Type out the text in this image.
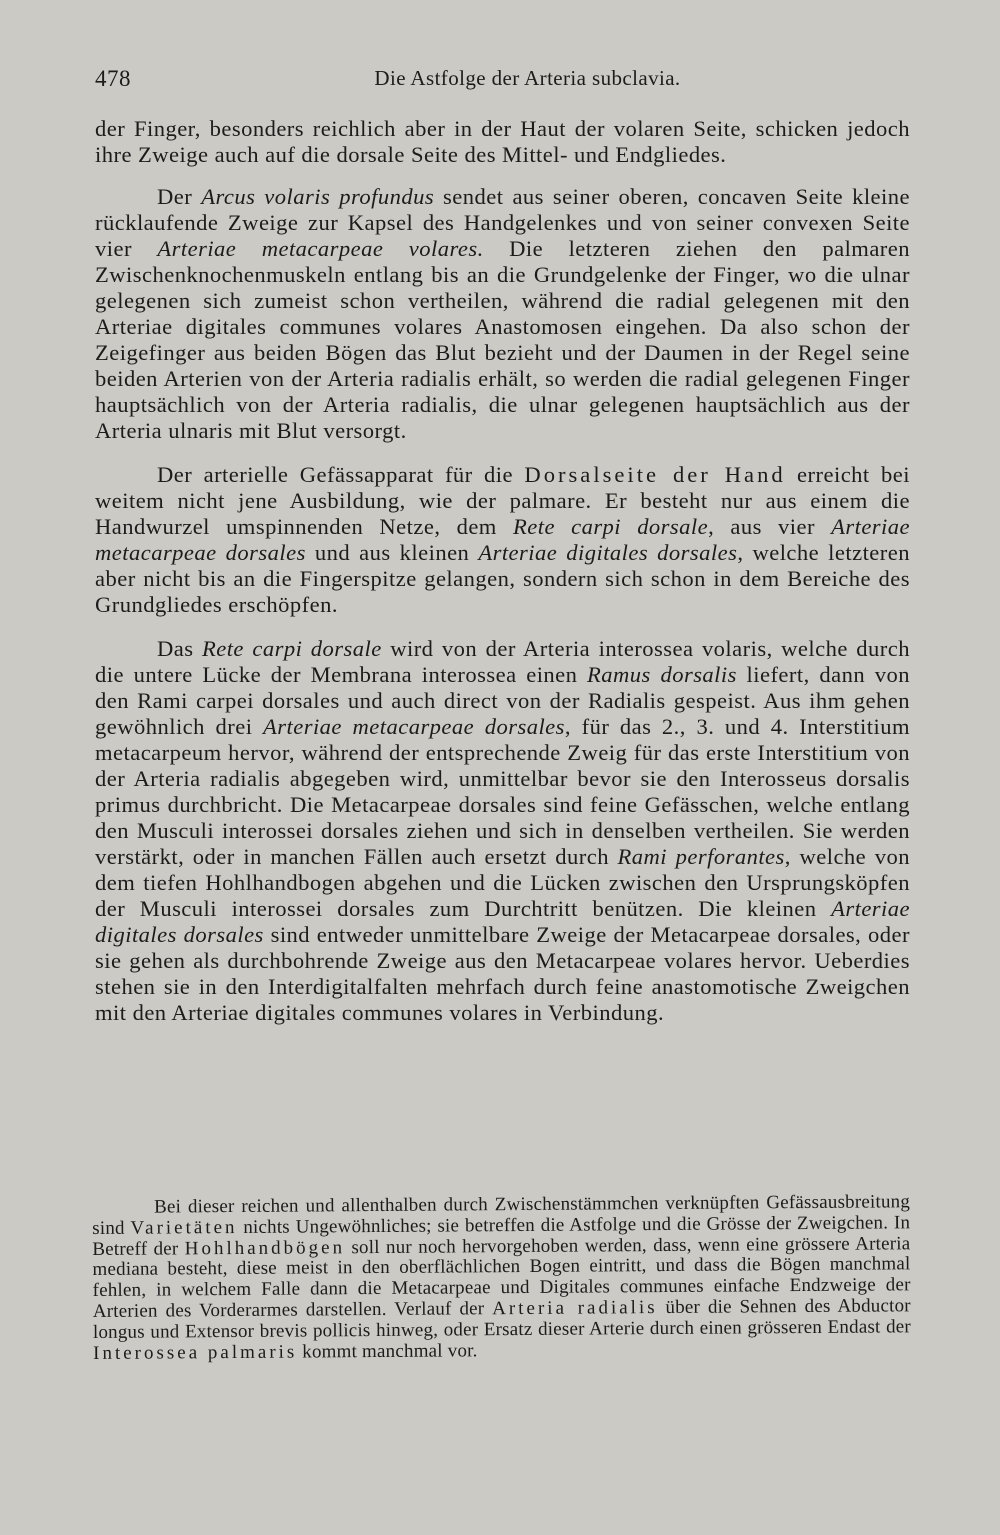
478	Die Astfolge der Arteria subclavia.

der Finger, besonders reichlich aber in der Haut der volaren Seite, schicken jedoch ihre Zweige auch auf die dorsale Seite des Mittel- und Endgliedes.

Der Arcus volaris profundus sendet aus seiner oberen, concaven Seite kleine rücklaufende Zweige zur Kapsel des Handgelenkes und von seiner convexen Seite vier Arteriae metacarpeae volares. Die letzteren ziehen den palmaren Zwischenknochenmuskeln entlang bis an die Grundgelenke der Finger, wo die ulnar gelegenen sich zumeist schon vertheilen, während die radial gelegenen mit den Arteriae digitales communes volares Anastomosen eingehen. Da also schon der Zeigefinger aus beiden Bögen das Blut bezieht und der Daumen in der Regel seine beiden Arterien von der Arteria radialis erhält, so werden die radial gelegenen Finger hauptsächlich von der Arteria radialis, die ulnar gelegenen hauptsächlich aus der Arteria ulnaris mit Blut versorgt.

Der arterielle Gefässapparat für die Dorsalseite der Hand erreicht bei weitem nicht jene Ausbildung, wie der palmare. Er besteht nur aus einem die Handwurzel umspinnenden Netze, dem Rete carpi dorsale, aus vier Arteriae metacarpeae dorsales und aus kleinen Arteriae digitales dorsales, welche letzteren aber nicht bis an die Fingerspitze gelangen, sondern sich schon in dem Bereiche des Grundgliedes erschöpfen.

Das Rete carpi dorsale wird von der Arteria interossea volaris, welche durch die untere Lücke der Membrana interossea einen Ramus dorsalis liefert, dann von den Rami carpei dorsales und auch direct von der Radialis gespeist. Aus ihm gehen gewöhnlich drei Arteriae metacarpeae dorsales, für das 2., 3. und 4. Interstitium metacarpeum hervor, während der entsprechende Zweig für das erste Interstitium von der Arteria radialis abgegeben wird, unmittelbar bevor sie den Interosseus dorsalis primus durchbricht. Die Metacarpeae dorsales sind feine Gefässchen, welche entlang den Musculi interossei dorsales ziehen und sich in denselben vertheilen. Sie werden verstärkt, oder in manchen Fällen auch ersetzt durch Rami perforantes, welche von dem tiefen Hohlhandbogen abgehen und die Lücken zwischen den Ursprungsköpfen der Musculi interossei dorsales zum Durchtritt benützen. Die kleinen Arteriae digitales dorsales sind entweder unmittelbare Zweige der Metacarpeae dorsales, oder sie gehen als durchbohrende Zweige aus den Metacarpeae volares hervor. Ueberdies stehen sie in den Interdigitalfalten mehrfach durch feine anastomotische Zweigchen mit den Arteriae digitales communes volares in Verbindung.

Bei dieser reichen und allenthalben durch Zwischenstämmchen verknüpften Gefässausbreitung sind Varietäten nichts Ungewöhnliches; sie betreffen die Astfolge und die Grösse der Zweigchen. In Betreff der Hohlhandbögen soll nur noch hervorgehoben werden, dass, wenn eine grössere Arteria mediana besteht, diese meist in den oberflächlichen Bogen eintritt, und dass die Bögen manchmal fehlen, in welchem Falle dann die Metacarpeae und Digitales communes einfache Endzweige der Arterien des Vorderarmes darstellen. Verlauf der Arteria radialis über die Sehnen des Abductor longus und Extensor brevis pollicis hinweg, oder Ersatz dieser Arterie durch einen grösseren Endast der Interossea palmaris kommt manchmal vor.
